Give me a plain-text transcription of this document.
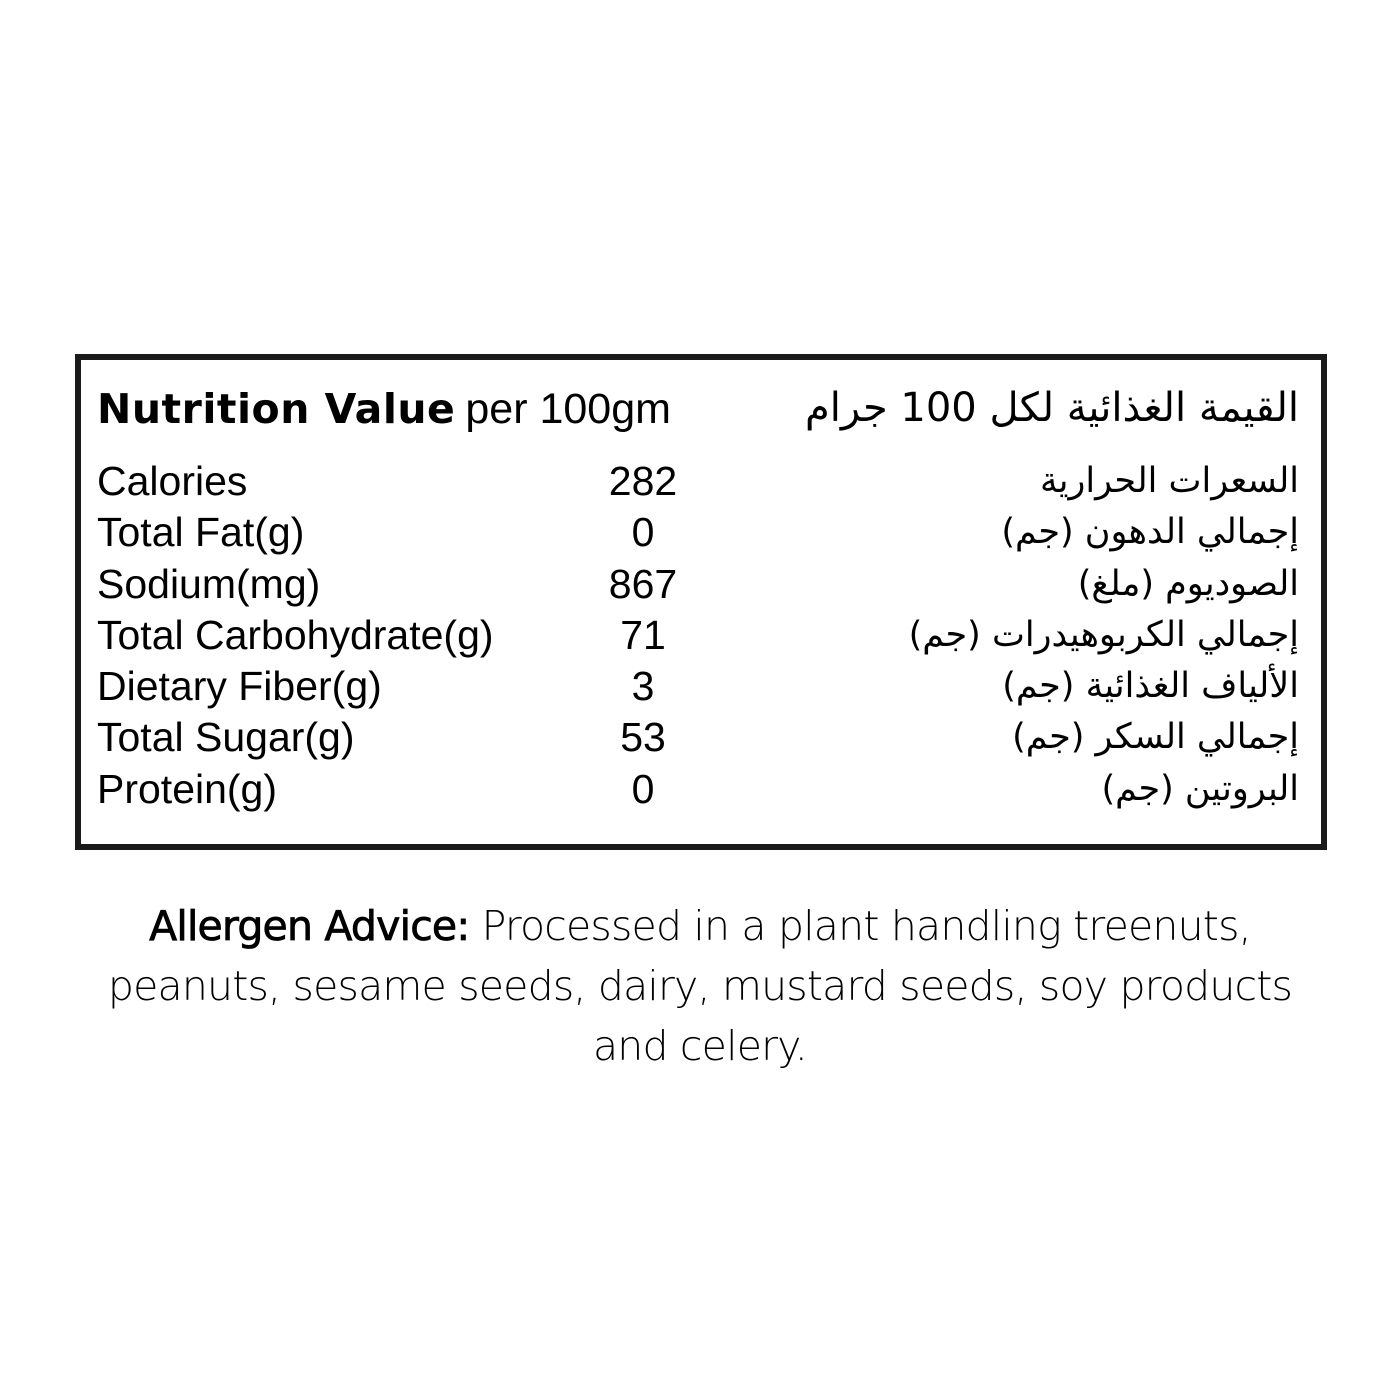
Nutrition Value per 100gm	القيمة الغذائية لكل 100 جرام
Calories	282	السعرات الحرارية
Total Fat(g)	0	إجمالي الدهون (جم)
Sodium(mg)	867	الصوديوم (ملغ)
Total Carbohydrate(g)	71	إجمالي الكربوهيدرات (جم)
Dietary Fiber(g)	3	الألياف الغذائية (جم)
Total Sugar(g)	53	إجمالي السكر (جم)
Protein(g)	0	البروتين (جم)
Allergen Advice: Processed in a plant handling treenuts,
peanuts, sesame seeds, dairy, mustard seeds, soy products
and celery.
